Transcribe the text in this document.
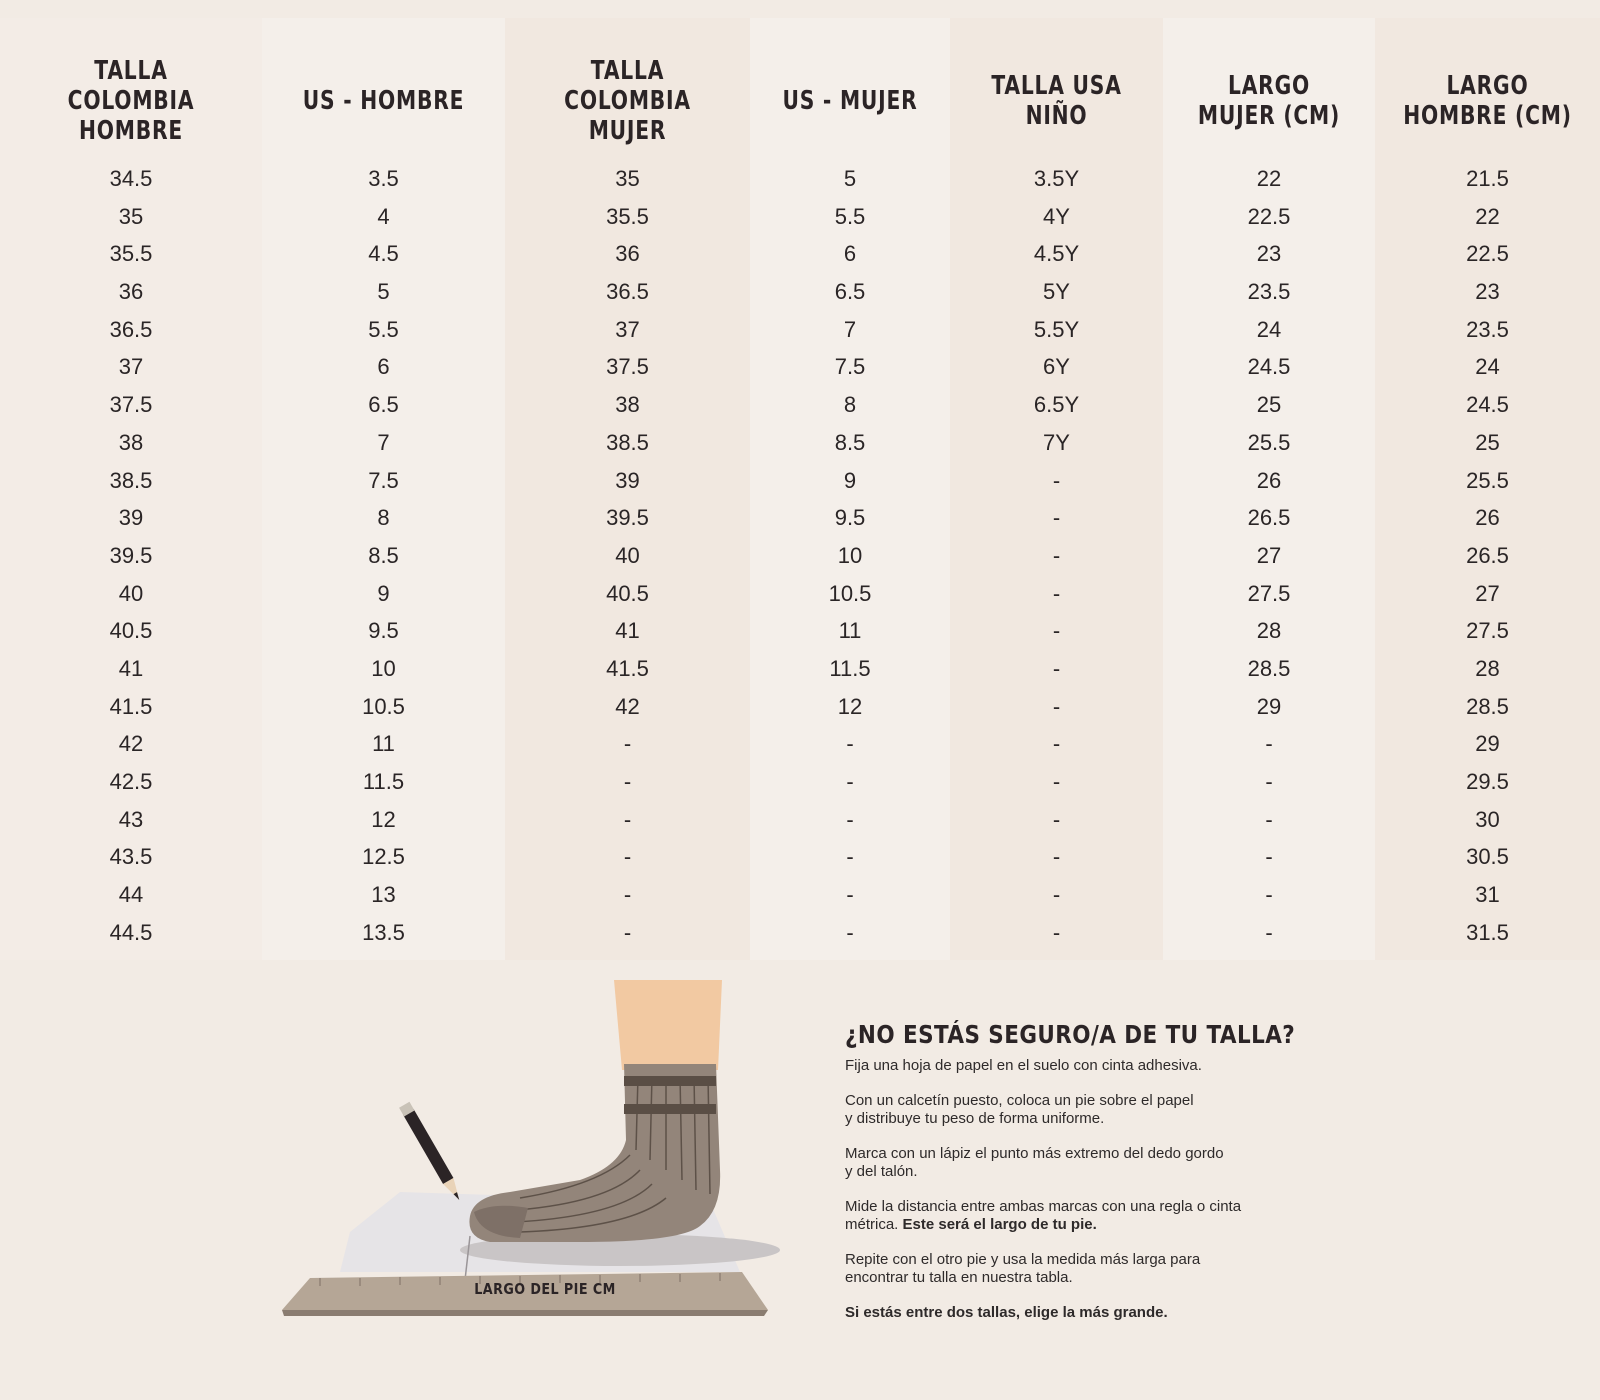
TALLA COLOMBIA
HOMBRE
34.5
35
35.5
36
36.5
37
37.5
38
38.5
39
39.5
40
40.5
41
41.5
42
42.5
43
43.5
44
44.5
US - HOMBRE
3.5
4
4.5
5
5.5
6
6.5
7
7.5
8
8.5
9
9.5
10
10.5
11
11.5
12
12.5
13
13.5
TALLA COLOMBIA
MUJER
35
35.5
36
36.5
37
37.5
38
38.5
39
39.5
40
40.5
41
41.5
42
-
-
-
-
-
-
US - MUJER
5
5.5
6
6.5
7
7.5
8
8.5
9
9.5
10
10.5
11
11.5
12
-
-
-
-
-
-
TALLA USA
NIÑO
3.5Y
4Y
4.5Y
5Y
5.5Y
6Y
6.5Y
7Y
-
-
-
-
-
-
-
-
-
-
-
-
-
LARGO
MUJER (CM)
22
22.5
23
23.5
24
24.5
25
25.5
26
26.5
27
27.5
28
28.5
29
-
-
-
-
-
-
LARGO
HOMBRE (CM)
21.5
22
22.5
23
23.5
24
24.5
25
25.5
26
26.5
27
27.5
28
28.5
29
29.5
30
30.5
31
31.5
LARGO DEL PIE CM
¿NO ESTÁS SEGURO/A DE TU TALLA?
Fija una hoja de papel en el suelo con cinta adhesiva.
Con un calcetín puesto, coloca un pie sobre el papel
y distribuye tu peso de forma uniforme.
Marca con un lápiz el punto más extremo del dedo gordo
y del talón.
Mide la distancia entre ambas marcas con una regla o cinta
métrica. Este será el largo de tu pie.
Repite con el otro pie y usa la medida más larga para
encontrar tu talla en nuestra tabla.
Si estás entre dos tallas, elige la más grande.
